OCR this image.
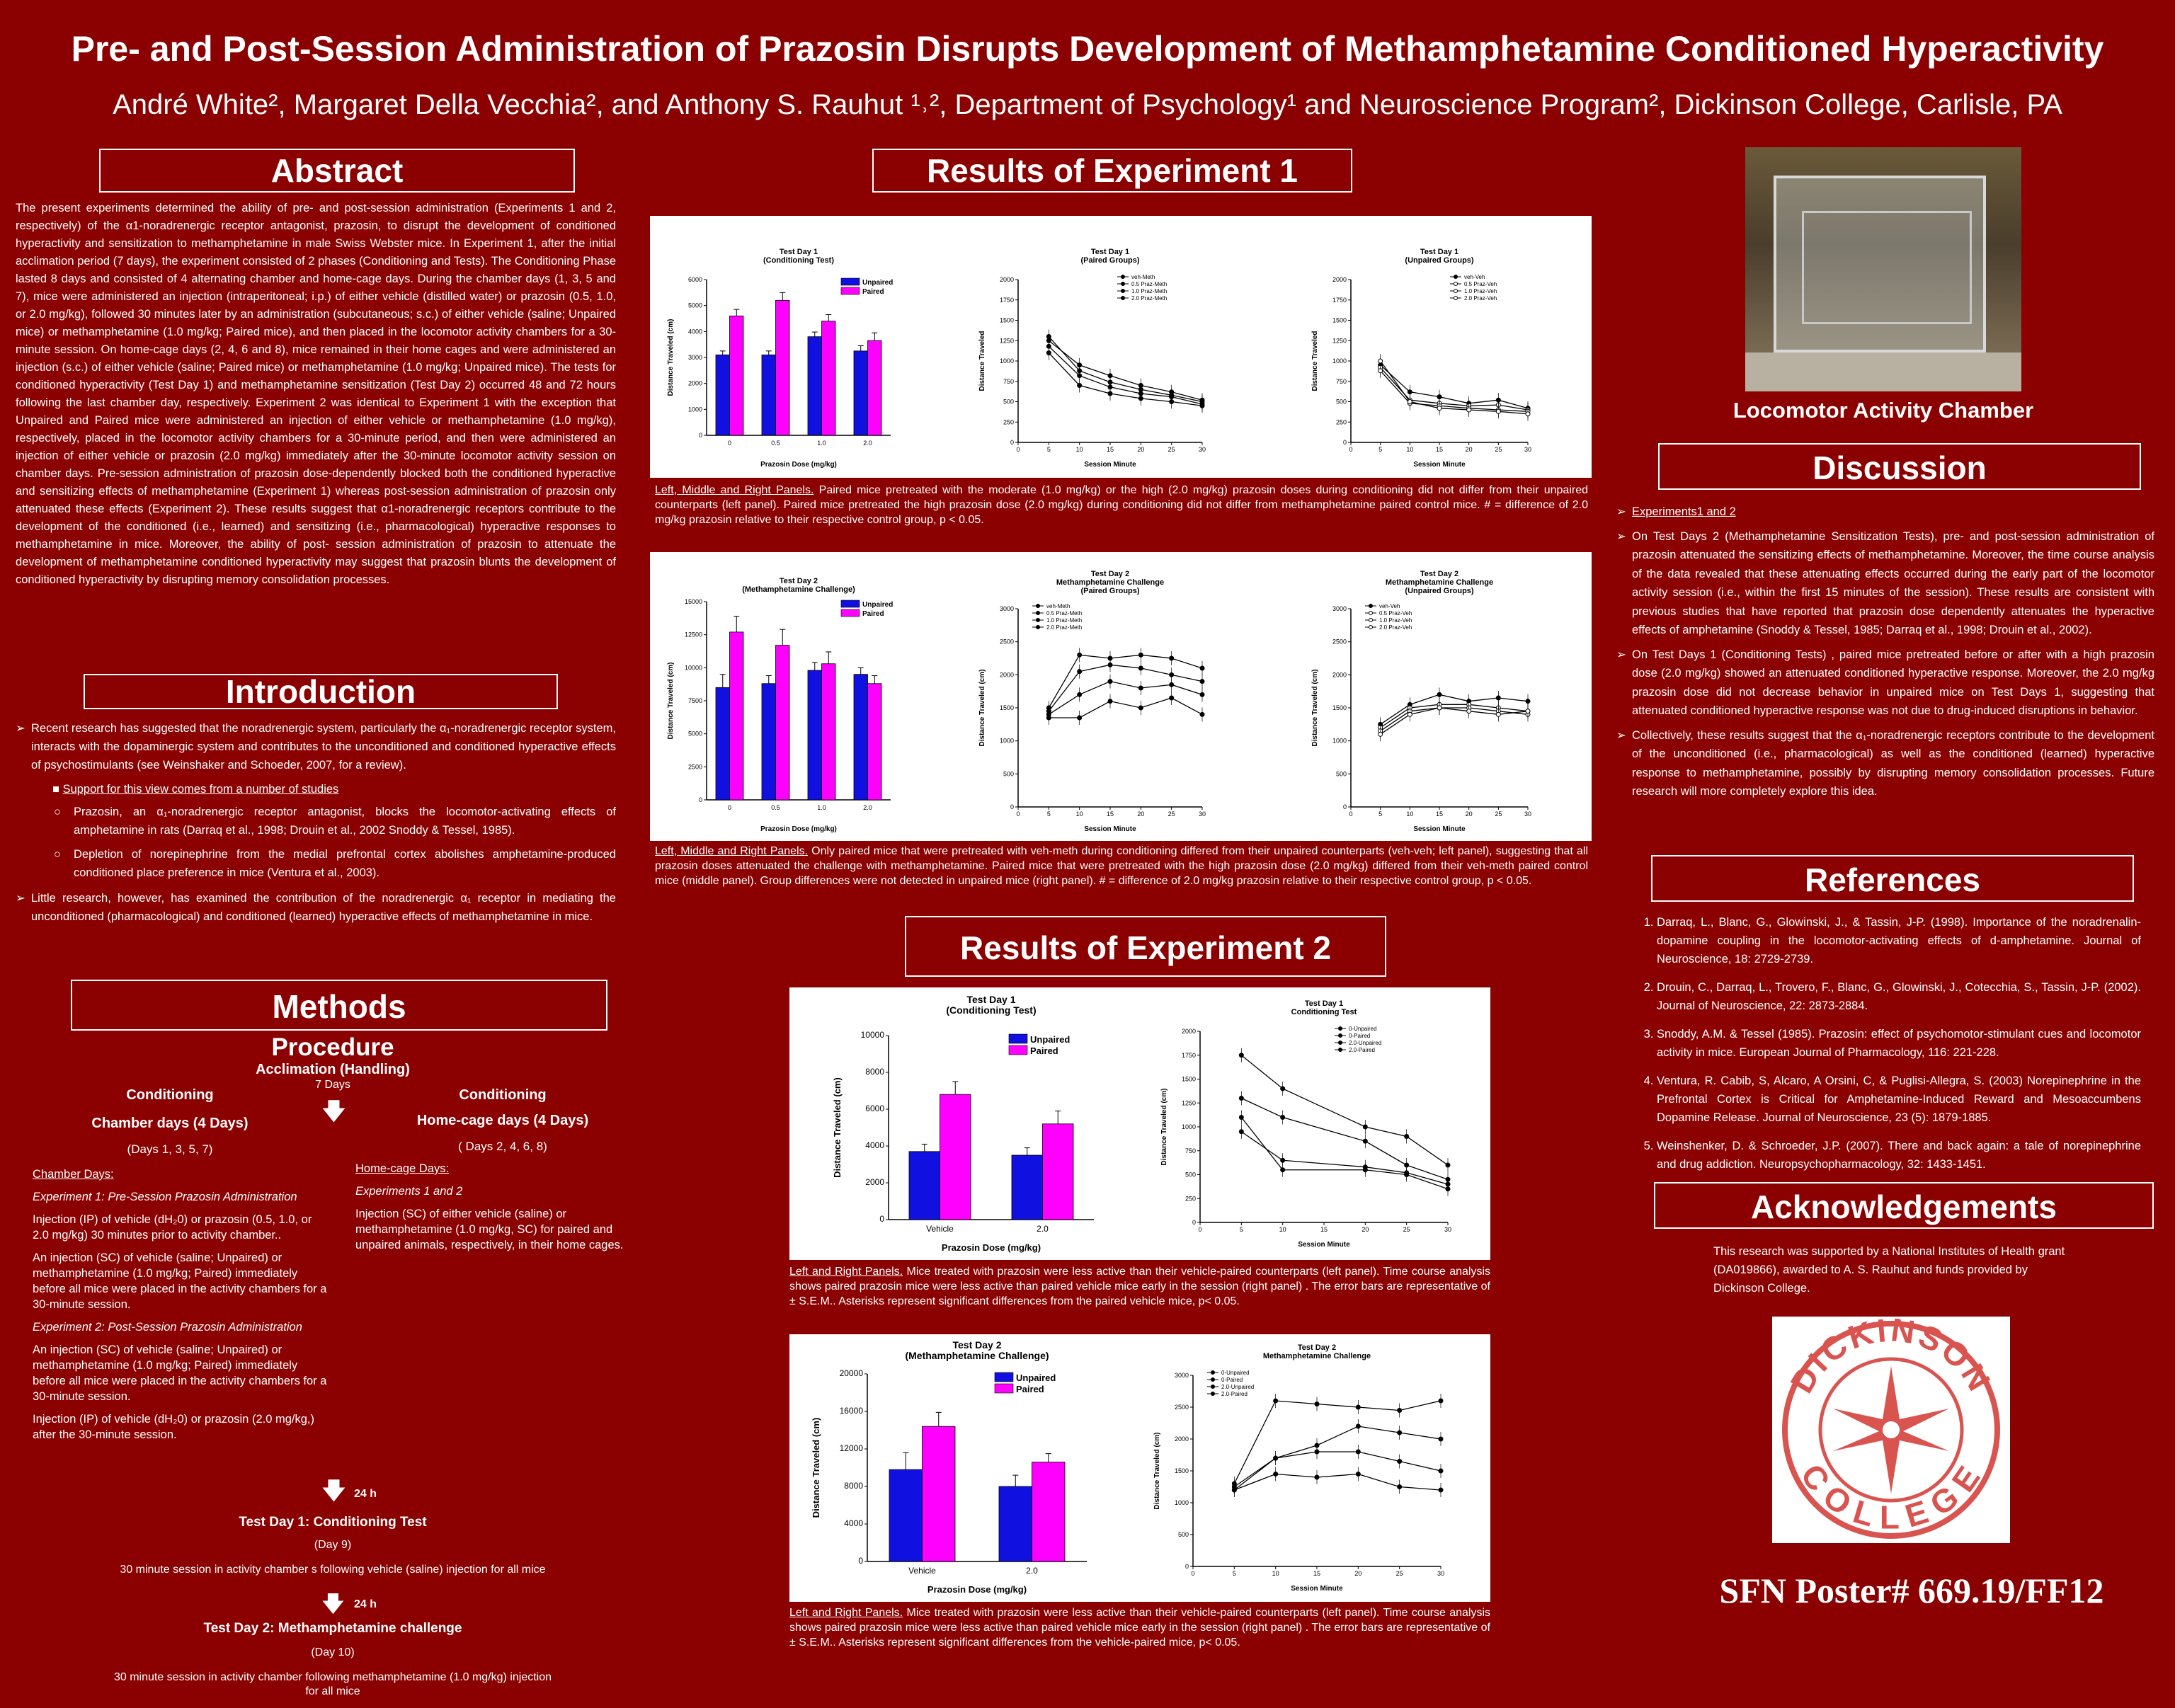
Pre- and Post-Session Administration of Prazosin Disrupts Development of Methamphetamine Conditioned Hyperactivity
André White², Margaret Della Vecchia², and Anthony S. Rauhut ¹˒², Department of Psychology¹ and Neuroscience Program², Dickinson College, Carlisle, PA
Abstract
The present experiments determined the ability of pre- and post-session administration (Experiments 1 and 2, respectively) of the α1-noradrenergic receptor antagonist, prazosin, to disrupt the development of conditioned hyperactivity and sensitization to methamphetamine in male Swiss Webster mice. In Experiment 1, after the initial acclimation period (7 days), the experiment consisted of 2 phases (Conditioning and Tests). The Conditioning Phase lasted 8 days and consisted of 4 alternating chamber and home-cage days. During the chamber days (1, 3, 5 and 7), mice were administered an injection (intraperitoneal; i.p.) of either vehicle (distilled water) or prazosin (0.5, 1.0, or 2.0 mg/kg), followed 30 minutes later by an administration (subcutaneous; s.c.) of either vehicle (saline; Unpaired mice) or methamphetamine (1.0 mg/kg; Paired mice), and then placed in the locomotor activity chambers for a 30-minute session. On home-cage days (2, 4, 6 and 8), mice remained in their home cages and were administered an injection (s.c.) of either vehicle (saline; Paired mice) or methamphetamine (1.0 mg/kg; Unpaired mice). The tests for conditioned hyperactivity (Test Day 1) and methamphetamine sensitization (Test Day 2) occurred 48 and 72 hours following the last chamber day, respectively. Experiment 2 was identical to Experiment 1 with the exception that Unpaired and Paired mice were administered an injection of either vehicle or methamphetamine (1.0 mg/kg), respectively, placed in the locomotor activity chambers for a 30-minute period, and then were administered an injection of either vehicle or prazosin (2.0 mg/kg) immediately after the 30-minute locomotor activity session on chamber days. Pre-session administration of prazosin dose-dependently blocked both the conditioned hyperactive and sensitizing effects of methamphetamine (Experiment 1) whereas post-session administration of prazosin only attenuated these effects (Experiment 2). These results suggest that α1-noradrenergic receptors contribute to the development of the conditioned (i.e., learned) and sensitizing (i.e., pharmacological) hyperactive responses to methamphetamine in mice. Moreover, the ability of post- session administration of prazosin to attenuate the development of methamphetamine conditioned hyperactivity may suggest that prazosin blunts the development of conditioned hyperactivity by disrupting memory consolidation processes.
Introduction
➢ Recent research has suggested that the noradrenergic system, particularly the α₁-noradrenergic receptor system, interacts with the dopaminergic system and contributes to the unconditioned and conditioned hyperactive effects of psychostimulants (see Weinshaker and Schoeder, 2007, for a review).
■ Support for this view comes from a number of studies
○ Prazosin, an α₁-noradrenergic receptor antagonist, blocks the locomotor-activating effects of amphetamine in rats (Darraq et al., 1998; Drouin et al., 2002 Snoddy & Tessel, 1985).
○ Depletion of norepinephrine from the medial prefrontal cortex abolishes amphetamine-produced conditioned place preference in mice (Ventura et al., 2003).
➢ Little research, however, has examined the contribution of the noradrenergic α₁ receptor in mediating the unconditioned (pharmacological) and conditioned (learned) hyperactive effects of methamphetamine in mice.
Methods
Procedure
Acclimation (Handling)
7 Days
🡇
Conditioning
Chamber days (4 Days)
(Days 1, 3, 5, 7)
Conditioning
Home-cage days (4 Days)
( Days 2, 4, 6, 8)

Chamber Days:

Experiment 1: Pre-Session Prazosin Administration

Injection (IP) of vehicle (dH₂0) or prazosin (0.5, 1.0, or 2.0 mg/kg) 30 minutes prior to activity chamber..

An injection (SC) of vehicle (saline; Unpaired) or methamphetamine (1.0 mg/kg; Paired) immediately before all mice were placed in the activity chambers for a 30-minute session.

Experiment 2: Post-Session Prazosin Administration

An injection (SC) of vehicle (saline; Unpaired) or methamphetamine (1.0 mg/kg; Paired) immediately before all mice were placed in the activity chambers for a 30-minute session.

Injection (IP) of vehicle (dH₂0) or prazosin (2.0 mg/kg,) after the 30-minute session.

Home-cage Days:

Experiments 1 and 2

Injection (SC) of either vehicle (saline) or methamphetamine (1.0 mg/kg, SC) for paired and unpaired animals, respectively, in their home cages.

🡇 24 h
Test Day 1: Conditioning Test
(Day 9)
30 minute session in activity chamber s following vehicle (saline) injection for all mice
🡇 24 h
Test Day 2: Methamphetamine challenge
(Day 10)
30 minute session in activity chamber following methamphetamine (1.0 mg/kg) injection for all mice
Results of Experiment 1
Test Day 1
(Conditioning Test)
0
1000
2000
3000
4000
5000
6000
Distance Traveled (cm)
Prazosin Dose (mg/kg)
0	0.5	1.0	2.0
Unpaired
Paired
Test Day 1
(Paired Groups)
0
250
500
750
1000
1250
1500
1750
2000
Distance Traveled
Session Minute
0	5	10	15	20	25	30
veh-Meth
0.5 Praz-Meth
1.0 Praz-Meth
2.0 Praz-Meth
Test Day 1
(Unpaired Groups)
0
250
500
750
1000
1250
1500
1750
2000
Distance Traveled
Session Minute
0	5	10	15	20	25	30
veh-Veh
0.5 Praz-Veh
1.0 Praz-Veh
2.0 Praz-Veh
Left, Middle and Right Panels. Paired mice pretreated with the moderate (1.0 mg/kg) or the high (2.0 mg/kg) prazosin doses during conditioning did not differ from their unpaired counterparts (left panel). Paired mice pretreated the high prazosin dose (2.0 mg/kg) during conditioning did not differ from methamphetamine paired control mice. # = difference of 2.0 mg/kg prazosin relative to their respective control group, p < 0.05.
Test Day 2
(Methamphetamine Challenge)
0
2500
5000
7500
10000
12500
15000
Distance Traveled (cm)
Prazosin Dose (mg/kg)
0	0.5	1.0	2.0
Unpaired
Paired
Test Day 2
Methamphetamine Challenge
(Paired Groups)
0
500
1000
1500
2000
2500
3000
Distance Traveled (cm)
Session Minute
0	5	10	15	20	25	30
veh-Meth
0.5 Praz-Meth
1.0 Praz-Meth
2.0 Praz-Meth
Test Day 2
Methamphetamine Challenge
(Unpaired Groups)
0
500
1000
1500
2000
2500
3000
Distance Traveled (cm)
Session Minute
0	5	10	15	20	25	30
veh-Veh
0.5 Praz-Veh
1.0 Praz-Veh
2.0 Praz-Veh
Left, Middle and Right Panels. Only paired mice that were pretreated with veh-meth during conditioning differed from their unpaired counterparts (veh-veh; left panel), suggesting that all prazosin doses attenuated the challenge with methamphetamine. Paired mice that were pretreated with the high prazosin dose (2.0 mg/kg) differed from their veh-meth paired control mice (middle panel). Group differences were not detected in unpaired mice (right panel). # = difference of 2.0 mg/kg prazosin relative to their respective control group, p < 0.05.
Results of Experiment 2
Test Day 1
(Conditioning Test)
0
2000
4000
6000
8000
10000
Distance Traveled (cm)
Prazosin Dose (mg/kg)
Vehicle	2.0
Unpaired
Paired
Test Day 1
Conditioning Test
0
250
500
750
1000
1250
1500
1750
2000
Distance Traveled (cm)
Session Minute
0	5	10	15	20	25	30
0-Unpaired
0-Paired
2.0-Unpaired
2.0-Paired
Left and Right Panels. Mice treated with prazosin were less active than their vehicle-paired counterparts (left panel). Time course analysis shows paired prazosin mice were less active than paired vehicle mice early in the session (right panel) . The error bars are representative of ± S.E.M.. Asterisks represent significant differences from the paired vehicle mice, p< 0.05.
Test Day 2
(Methamphetamine Challenge)
0
4000
8000
12000
16000
20000
Distance Traveled (cm)
Prazosin Dose (mg/kg)
Vehicle	2.0
Unpaired
Paired
Test Day 2
Methamphetamine Challenge
0
500
1000
1500
2000
2500
3000
Distance Traveled (cm)
Session Minute
0	5	10	15	20	25	30
0-Unpaired
0-Paired
2.0-Unpaired
2.0-Paired
Left and Right Panels. Mice treated with prazosin were less active than their vehicle-paired counterparts (left panel). Time course analysis shows paired prazosin mice were less active than paired vehicle mice early in the session (right panel) . The error bars are representative of ± S.E.M.. Asterisks represent significant differences from the vehicle-paired mice, p< 0.05.
Locomotor Activity Chamber
Discussion
➢ Experiments1 and 2
➢ On Test Days 2 (Methamphetamine Sensitization Tests), pre- and post-session administration of prazosin attenuated the sensitizing effects of methamphetamine. Moreover, the time course analysis of the data revealed that these attenuating effects occurred during the early part of the locomotor activity session (i.e., within the first 15 minutes of the session). These results are consistent with previous studies that have reported that prazosin dose dependently attenuates the hyperactive effects of amphetamine (Snoddy & Tessel, 1985; Darraq et al., 1998; Drouin et al., 2002).
➢ On Test Days 1 (Conditioning Tests) , paired mice pretreated before or after with a high prazosin dose (2.0 mg/kg) showed an attenuated conditioned hyperactive response. Moreover, the 2.0 mg/kg prazosin dose did not decrease behavior in unpaired mice on Test Days 1, suggesting that attenuated conditioned hyperactive response was not due to drug-induced disruptions in behavior.
➢ Collectively, these results suggest that the α₁-noradrenergic receptors contribute to the development of the unconditioned (i.e., pharmacological) as well as the conditioned (learned) hyperactive response to methamphetamine, possibly by disrupting memory consolidation processes. Future research will more completely explore this idea.
References
1. Darraq, L., Blanc, G., Glowinski, J., & Tassin, J-P. (1998). Importance of the noradrenalin-dopamine coupling in the locomotor-activating effects of d-amphetamine. Journal of Neuroscience, 18: 2729-2739.
2. Drouin, C., Darraq, L., Trovero, F., Blanc, G., Glowinski, J., Cotecchia, S., Tassin, J-P. (2002). Journal of Neuroscience, 22: 2873-2884.
3. Snoddy, A.M. & Tessel (1985). Prazosin: effect of psychomotor-stimulant cues and locomotor activity in mice. European Journal of Pharmacology, 116: 221-228.
4. Ventura, R. Cabib, S, Alcaro, A Orsini, C, & Puglisi-Allegra, S. (2003) Norepinephrine in the Prefrontal Cortex is Critical for Amphetamine-Induced Reward and Mesoaccumbens Dopamine Release. Journal of Neuroscience, 23 (5): 1879-1885.
5. Weinshenker, D. & Schroeder, J.P. (2007). There and back again: a tale of norepinephrine and drug addiction. Neuropsychopharmacology, 32: 1433-1451.
Acknowledgements
This research was supported by a National Institutes of Health grant (DA019866), awarded to A. S. Rauhut and funds provided by Dickinson College.
DICKINSON
COLLEGE
SFN Poster# 669.19/FF12
